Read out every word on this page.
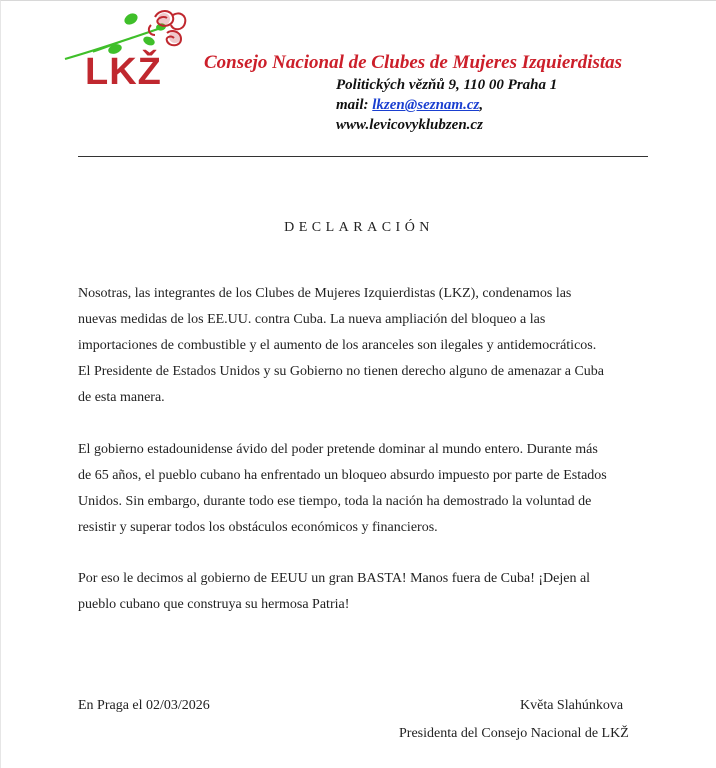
LKŽ Consejo Nacional de Clubes de Mujeres Izquierdistas
Politických vězňů 9, 110 00 Praha 1
mail: lkzen@seznam.cz,
www.levicovyklubzen.cz
DECLARACIÓN
Nosotras, las integrantes de los Clubes de Mujeres Izquierdistas (LKZ), condenamos las
nuevas medidas de los EE.UU. contra Cuba. La nueva ampliación del bloqueo a las
importaciones de combustible y el aumento de los aranceles son ilegales y antidemocráticos.
El Presidente de Estados Unidos y su Gobierno no tienen derecho alguno de amenazar a Cuba
de esta manera.
El gobierno estadounidense ávido del poder pretende dominar al mundo entero. Durante más
de 65 años, el pueblo cubano ha enfrentado un bloqueo absurdo impuesto por parte de Estados
Unidos. Sin embargo, durante todo ese tiempo, toda la nación ha demostrado la voluntad de
resistir y superar todos los obstáculos económicos y financieros.
Por eso le decimos al gobierno de EEUU un gran BASTA! Manos fuera de Cuba! ¡Dejen al
pueblo cubano que construya su hermosa Patria!
En Praga el 02/03/2026	Květa Slahúnkova
Presidenta del Consejo Nacional de LKŽ
